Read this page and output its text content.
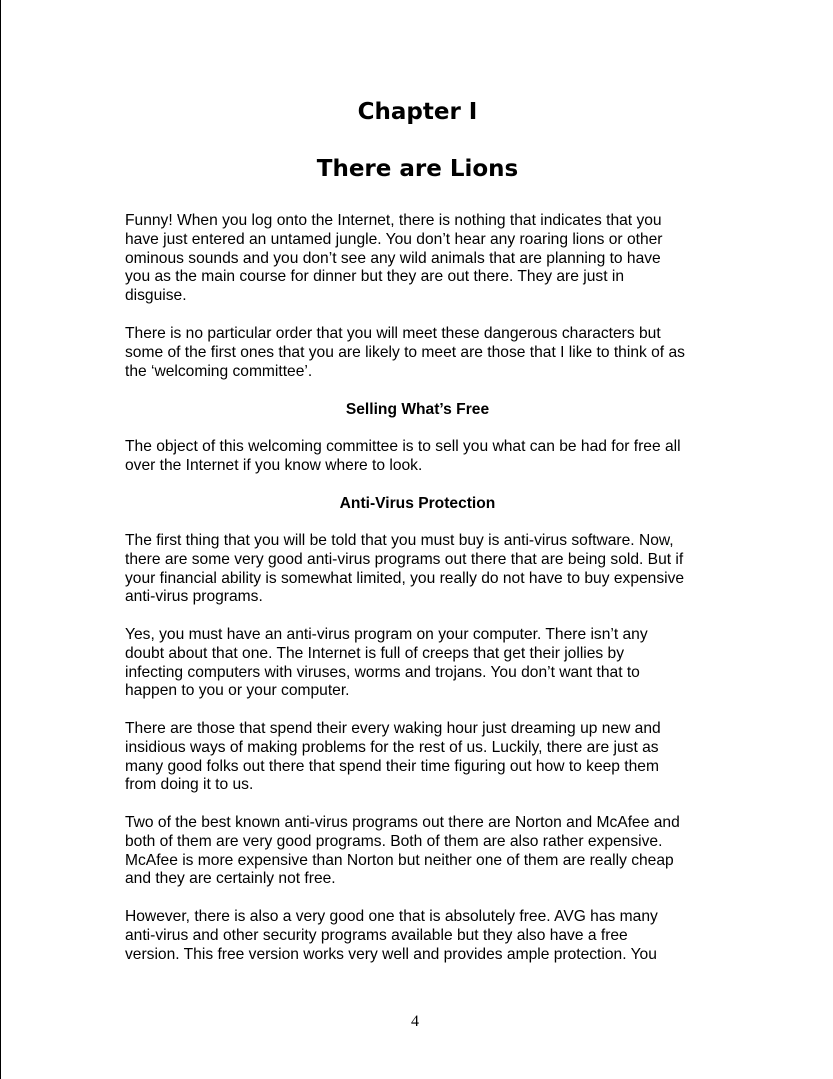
Chapter I
There are Lions

Funny! When you log onto the Internet, there is nothing that indicates that you
have just entered an untamed jungle. You don’t hear any roaring lions or other
ominous sounds and you don’t see any wild animals that are planning to have
you as the main course for dinner but they are out there. They are just in
disguise.

There is no particular order that you will meet these dangerous characters but
some of the first ones that you are likely to meet are those that I like to think of as
the ‘welcoming committee’.

Selling What’s Free

The object of this welcoming committee is to sell you what can be had for free all
over the Internet if you know where to look.

Anti-Virus Protection

The first thing that you will be told that you must buy is anti-virus software. Now,
there are some very good anti-virus programs out there that are being sold. But if
your financial ability is somewhat limited, you really do not have to buy expensive
anti-virus programs.

Yes, you must have an anti-virus program on your computer. There isn’t any
doubt about that one. The Internet is full of creeps that get their jollies by
infecting computers with viruses, worms and trojans. You don’t want that to
happen to you or your computer.

There are those that spend their every waking hour just dreaming up new and
insidious ways of making problems for the rest of us. Luckily, there are just as
many good folks out there that spend their time figuring out how to keep them
from doing it to us.

Two of the best known anti-virus programs out there are Norton and McAfee and
both of them are very good programs. Both of them are also rather expensive.
McAfee is more expensive than Norton but neither one of them are really cheap
and they are certainly not free.

However, there is also a very good one that is absolutely free. AVG has many
anti-virus and other security programs available but they also have a free
version. This free version works very well and provides ample protection. You

4
